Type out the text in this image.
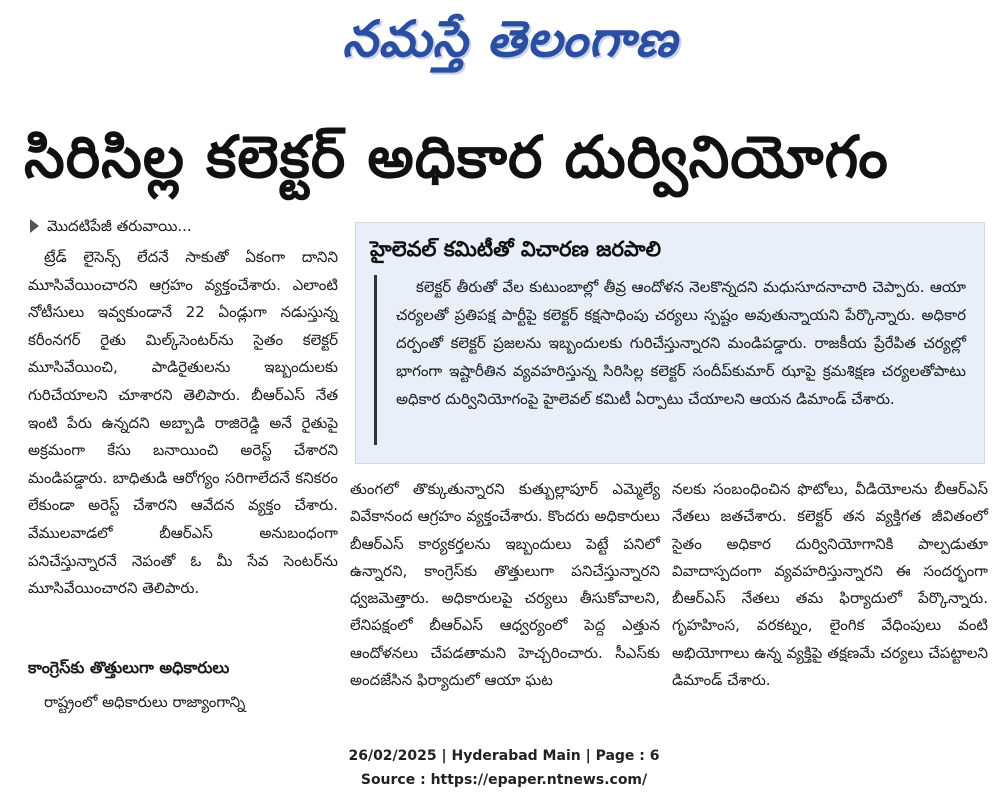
నమస్తే తెలంగాణ
సిరిసిల్ల కలెక్టర్ అధికార దుర్వినియోగం
మొదటిపేజీ తరువాయి...

ట్రేడ్ లైసెన్స్ లేదనే సాకుతో ఏకంగా దానిని మూసివేయించారని ఆగ్రహం వ్యక్తంచేశారు. ఎలాంటి నోటీసులు ఇవ్వకుండానే 22 ఏండ్లుగా నడుస్తున్న కరీంనగర్ రైతు మిల్క్‌సెంటర్‌ను సైతం కలెక్టర్ మూసివేయించి, పాడిరైతులను ఇబ్బందులకు గురిచేయాలని చూశారని తెలిపారు. బీఆర్‌ఎస్ నేత ఇంటి పేరు ఉన్నదని అబ్బాడి రాజిరెడ్డి అనే రైతుపై అక్రమంగా కేసు బనాయించి అరెస్ట్ చేశారని మండిపడ్డారు. బాధితుడి ఆరోగ్యం సరిగాలేదనే కనికరం లేకుండా అరెస్ట్ చేశారని ఆవేదన వ్యక్తం చేశారు. వేములవాడలో బీఆర్‌ఎస్ అనుబంధంగా పనిచేస్తున్నారనే నెపంతో ఓ మీ సేవ సెంటర్‌ను మూసివేయించారని తెలిపారు.

కాంగ్రెస్‌కు తొత్తులుగా అధికారులు
రాష్ట్రంలో అధికారులు రాజ్యాంగాన్ని
హైలెవల్ కమిటీతో విచారణ జరపాలి
కలెక్టర్ తీరుతో వేల కుటుంబాల్లో తీవ్ర ఆందోళన నెలకొన్నదని మధుసూదనాచారి చెప్పారు. ఆయా చర్యలతో ప్రతిపక్ష పార్టీపై కలెక్టర్ కక్షసాధింపు చర్యలు స్పష్టం అవుతున్నాయని పేర్కొన్నారు. అధికార దర్పంతో కలెక్టర్ ప్రజలను ఇబ్బందులకు గురిచేస్తున్నారని మండిపడ్డారు. రాజకీయ ప్రేరేపిత చర్యల్లో భాగంగా ఇష్టారీతిన వ్యవహరిస్తున్న సిరిసిల్ల కలెక్టర్ సందీప్‌కుమార్ ఝాపై క్రమశిక్షణ చర్యలతోపాటు అధికార దుర్వినియోగంపై హైలెవల్ కమిటీ ఏర్పాటు చేయాలని ఆయన డిమాండ్ చేశారు.
తుంగలో తొక్కుతున్నారని కుత్బుల్లాపూర్ ఎమ్మెల్యే వివేకానంద ఆగ్రహం వ్యక్తంచేశారు. కొందరు అధికారులు బీఆర్‌ఎస్ కార్యకర్తలను ఇబ్బందులు పెట్టే పనిలో ఉన్నారని, కాంగ్రెస్‌కు తొత్తులుగా పనిచేస్తున్నారని ధ్వజమెత్తారు. అధికారులపై చర్యలు తీసుకోవాలని, లేనిపక్షంలో బీఆర్‌ఎస్ ఆధ్వర్యంలో పెద్ద ఎత్తున ఆందోళనలు చేపడతామని హెచ్చరించారు. సీఎస్‌కు అందజేసిన ఫిర్యాదులో ఆయా ఘట
నలకు సంబంధించిన ఫొటోలు, వీడియోలను బీఆర్‌ఎస్ నేతలు జతచేశారు. కలెక్టర్ తన వ్యక్తిగత జీవితంలో సైతం అధికార దుర్వినియోగానికి పాల్పడుతూ వివాదాస్పదంగా వ్యవహరిస్తున్నారని ఈ సందర్భంగా బీఆర్‌ఎస్ నేతలు తమ ఫిర్యాదులో పేర్కొన్నారు. గృహహింస, వరకట్నం, లైంగిక వేధింపులు వంటి అభియోగాలు ఉన్న వ్యక్తిపై తక్షణమే చర్యలు చేపట్టాలని డిమాండ్ చేశారు.
26/02/2025 | Hyderabad Main | Page : 6
Source : https://epaper.ntnews.com/
